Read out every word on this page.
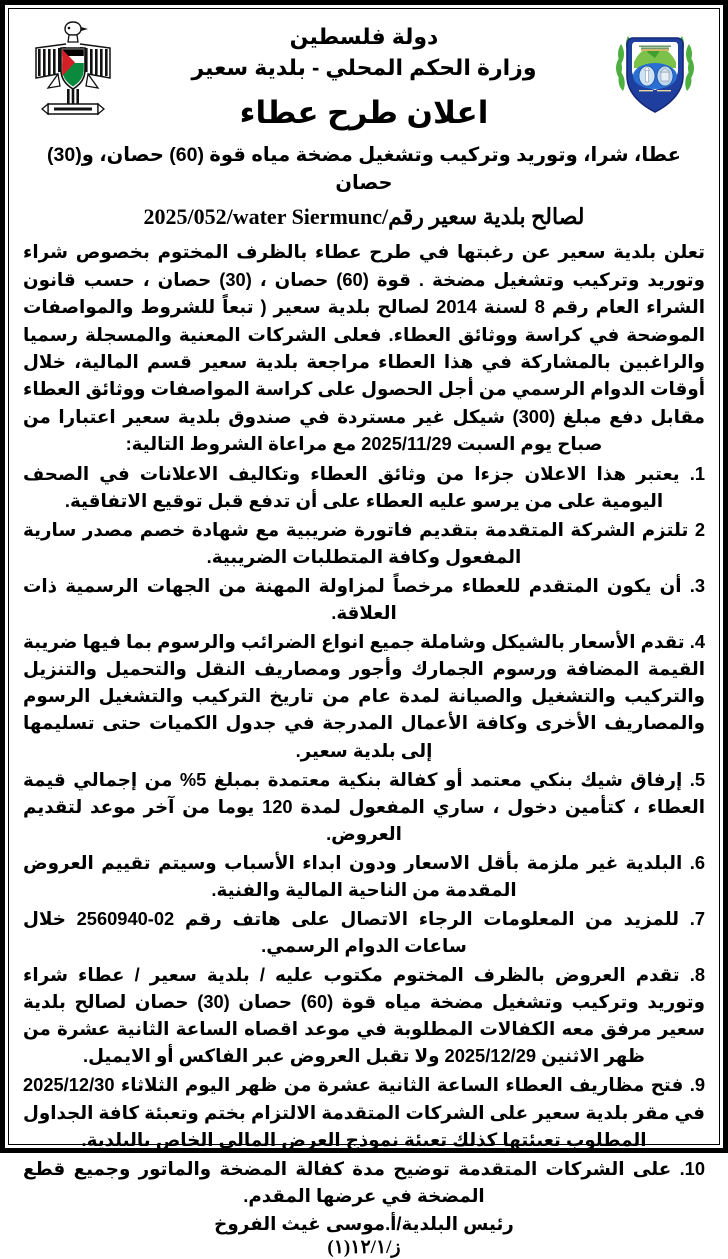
دولة فلسطين
وزارة الحكم المحلي - بلدية سعير
اعلان طرح عطاء
عطا، شرا، وتوريد وتركيب وتشغيل مضخة مياه قوة (60) حصان، و(30) حصان
لصالح بلدية سعير رقم//water Siermunc2025/052
تعلن بلدية سعير عن رغبتها في طرح عطاء بالظرف المختوم بخصوص شراء وتوريد وتركيب وتشغيل مضخة . قوة (60) حصان ، (30) حصان ، حسب قانون الشراء العام رقم 8 لسنة 2014 لصالح بلدية سعير ( تبعاً للشروط والمواصفات الموضحة في كراسة ووثائق العطاء. فعلى الشركات المعنية والمسجلة رسميا والراغبين بالمشاركة في هذا العطاء مراجعة بلدية سعير قسم المالية، خلال أوقات الدوام الرسمي من أجل الحصول على كراسة المواصفات ووثائق العطاء مقابل دفع مبلغ (300) شيكل غير مستردة في صندوق بلدية سعير اعتبارا من صباح يوم السبت 2025/11/29 مع مراعاة الشروط التالية:
1. يعتبر هذا الاعلان جزءا من وثائق العطاء وتكاليف الاعلانات في الصحف اليومية على من يرسو عليه العطاء على أن تدفع قبل توقيع الاتفاقية.
2 تلتزم الشركة المتقدمة بتقديم فاتورة ضريبية مع شهادة خصم مصدر سارية المفعول وكافة المتطلبات الضريبية.
3. أن يكون المتقدم للعطاء مرخصاً لمزاولة المهنة من الجهات الرسمية ذات العلاقة.
4. تقدم الأسعار بالشيكل وشاملة جميع انواع الضرائب والرسوم بما فيها ضريبة القيمة المضافة ورسوم الجمارك وأجور ومصاريف النقل والتحميل والتنزيل والتركيب والتشغيل والصيانة لمدة عام من تاريخ التركيب والتشغيل الرسوم والمصاريف الأخرى وكافة الأعمال المدرجة في جدول الكميات حتى تسليمها إلى بلدية سعير.
5. إرفاق شيك بنكي معتمد أو كفالة بنكية معتمدة بمبلغ 5% من إجمالي قيمة العطاء ، كتأمين دخول ، ساري المفعول لمدة 120 يوما من آخر موعد لتقديم العروض.
6. البلدية غير ملزمة بأقل الاسعار ودون ابداء الأسباب وسيتم تقييم العروض المقدمة من الناحية المالية والفنية.
7. للمزيد من المعلومات الرجاء الاتصال على هاتف رقم 02-2560940 خلال ساعات الدوام الرسمي.
8. تقدم العروض بالظرف المختوم مكتوب عليه / بلدية سعير / عطاء شراء وتوريد وتركيب وتشغيل مضخة مياه قوة (60) حصان (30) حصان لصالح بلدية سعير مرفق معه الكفالات المطلوبة في موعد اقصاه الساعة الثانية عشرة من ظهر الاثنين 2025/12/29 ولا تقبل العروض عبر الفاكس أو الايميل.
9. فتح مظاريف العطاء الساعة الثانية عشرة من ظهر اليوم الثلاثاء 2025/12/30 في مقر بلدية سعير على الشركات المتقدمة الالتزام بختم وتعبئة كافة الجداول المطلوب تعبئتها كذلك تعبئة نموذج العرض المالي الخاص بالبلدية.
10. على الشركات المتقدمة توضيح مدة كفالة المضخة والماتور وجميع قطع المضخة في عرضها المقدم.
رئيس البلدية/أ.موسى غيث الفروخ
ز/١٢/١(١)
